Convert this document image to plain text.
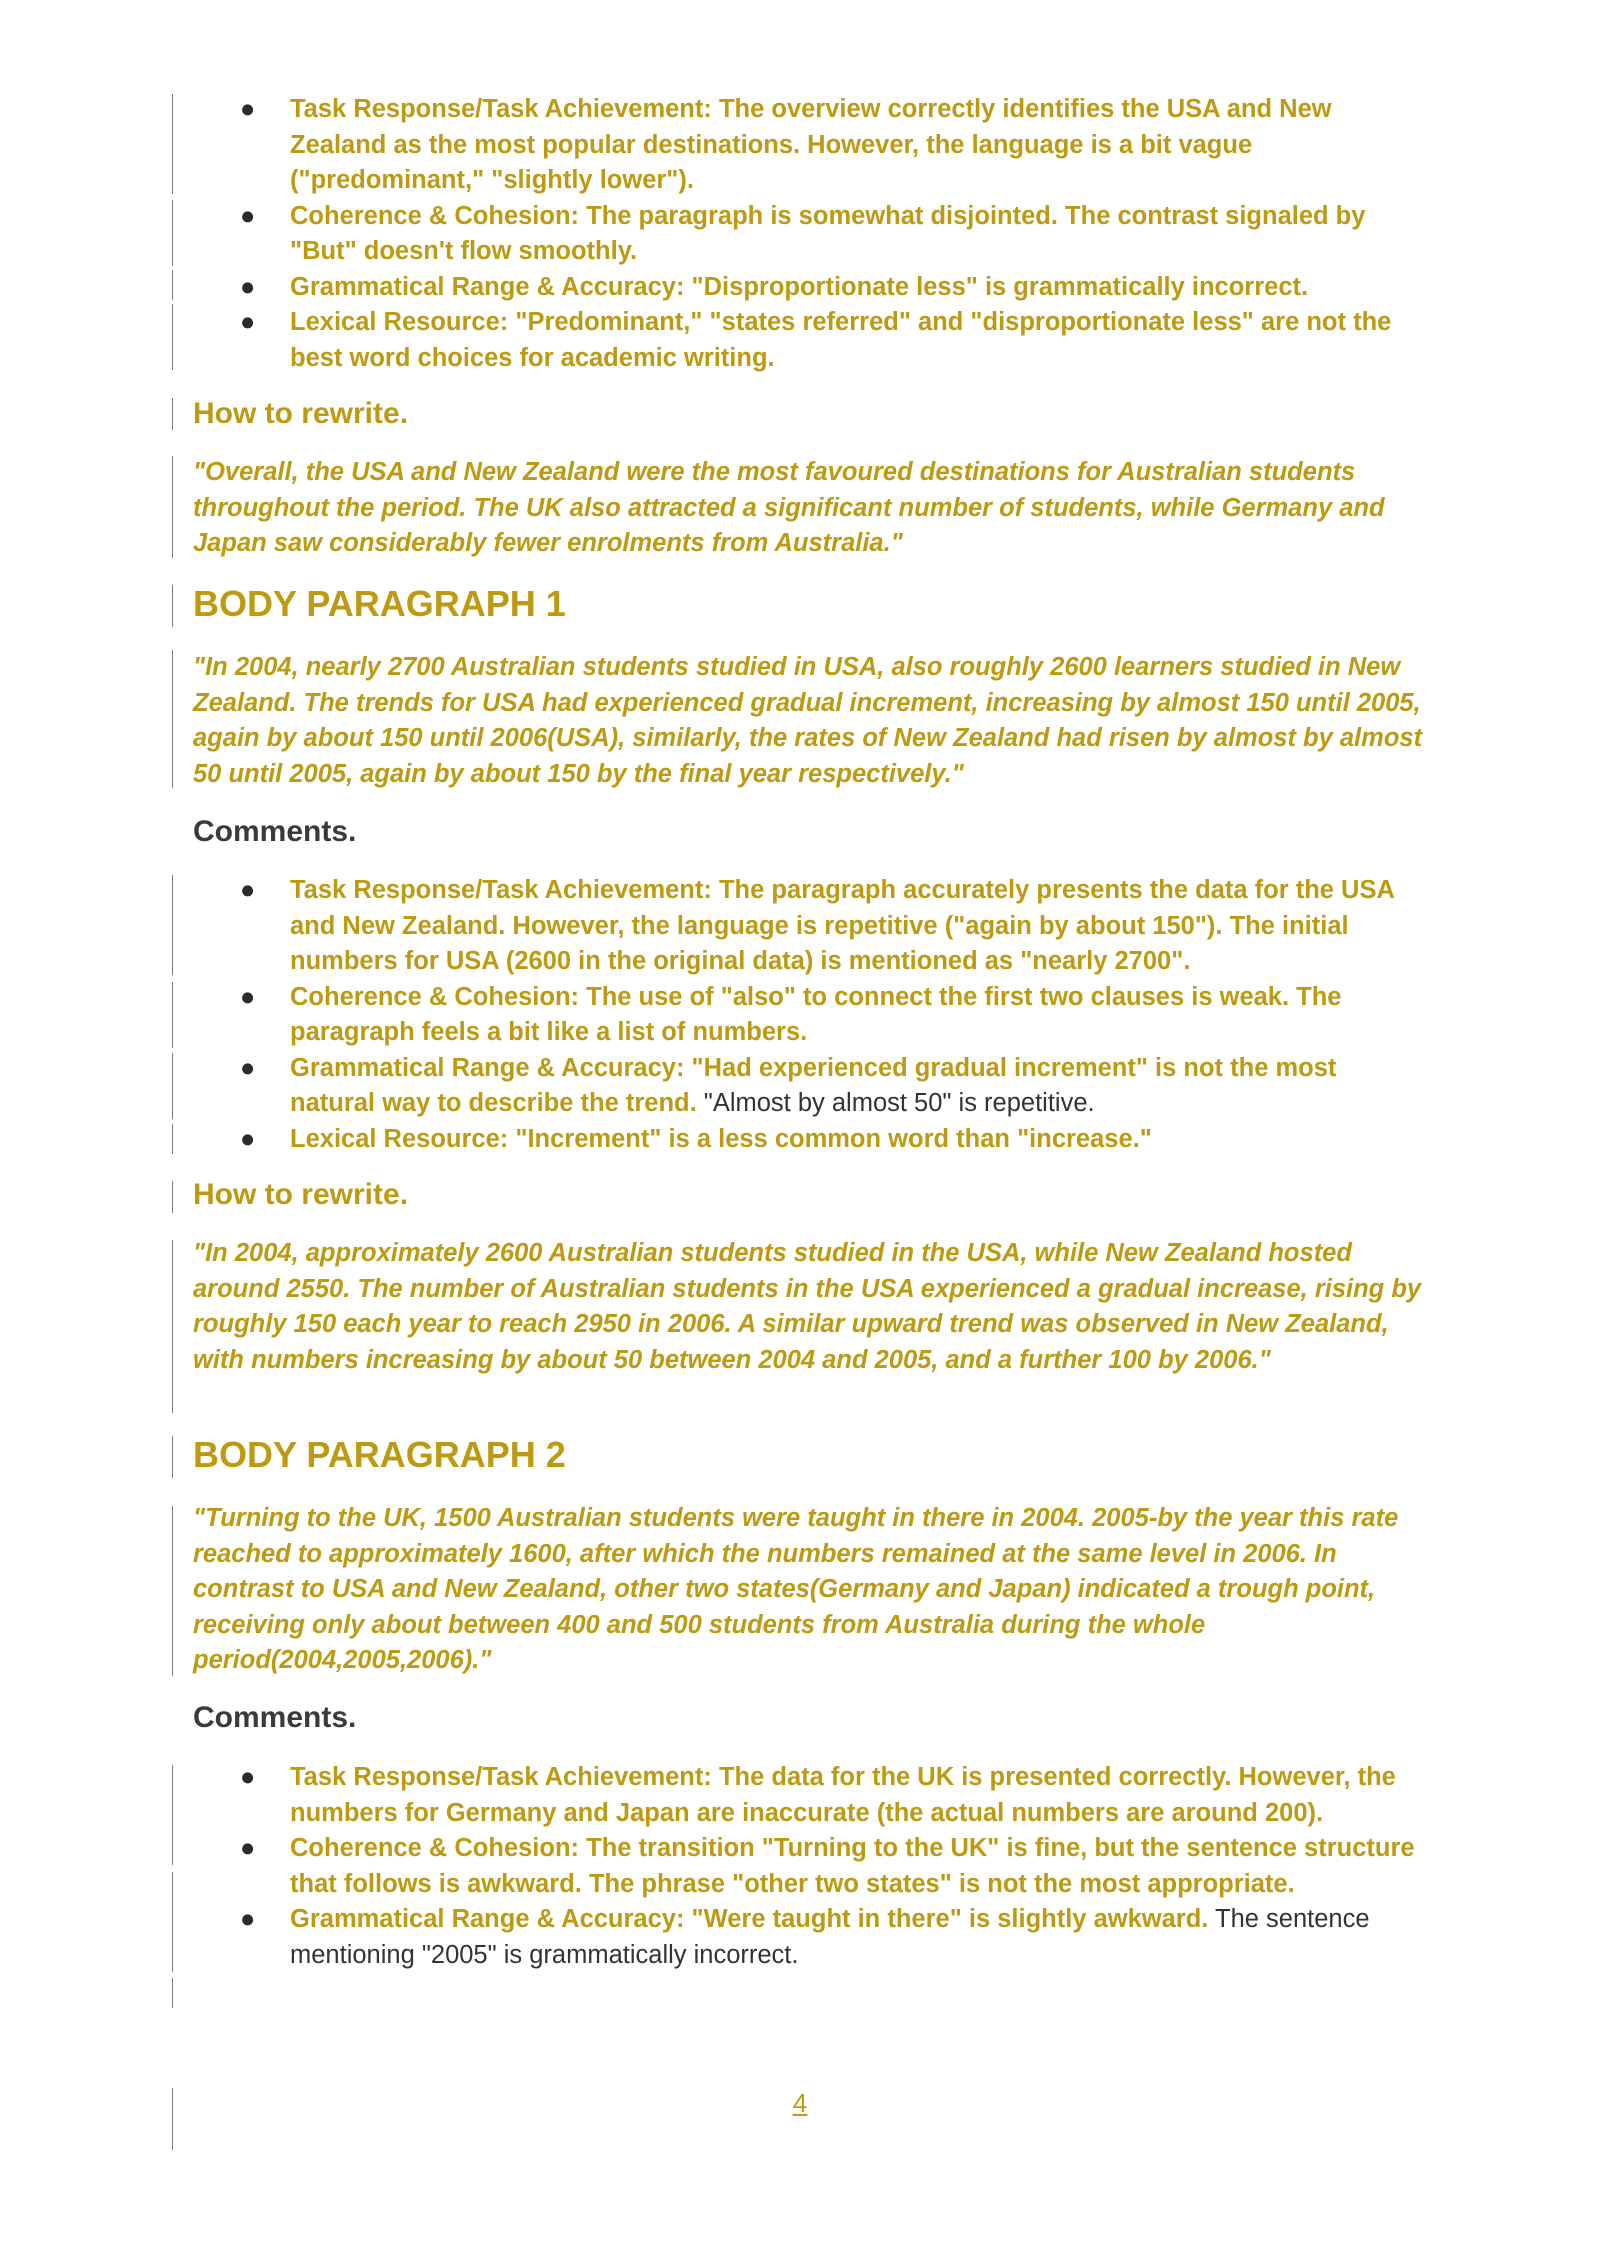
●	Task Response/Task Achievement: The overview correctly identifies the USA and New Zealand as the most popular destinations. However, the language is a bit vague ("predominant," "slightly lower").
●	Coherence & Cohesion: The paragraph is somewhat disjointed. The contrast signaled by "But" doesn't flow smoothly.
●	Grammatical Range & Accuracy: "Disproportionate less" is grammatically incorrect.
●	Lexical Resource: "Predominant," "states referred" and "disproportionate less" are not the best word choices for academic writing.
How to rewrite.
"Overall, the USA and New Zealand were the most favoured destinations for Australian students throughout the period. The UK also attracted a significant number of students, while Germany and Japan saw considerably fewer enrolments from Australia."
BODY PARAGRAPH 1
"In 2004, nearly 2700 Australian students studied in USA, also roughly 2600 learners studied in New Zealand. The trends for USA had experienced gradual increment, increasing by almost 150 until 2005, again by about 150 until 2006(USA), similarly, the rates of New Zealand had risen by almost by almost 50 until 2005, again by about 150 by the final year respectively."
Comments.
●	Task Response/Task Achievement: The paragraph accurately presents the data for the USA and New Zealand. However, the language is repetitive ("again by about 150"). The initial numbers for USA (2600 in the original data) is mentioned as "nearly 2700".
●	Coherence & Cohesion: The use of "also" to connect the first two clauses is weak. The paragraph feels a bit like a list of numbers.
●	Grammatical Range & Accuracy: "Had experienced gradual increment" is not the most natural way to describe the trend. "Almost by almost 50" is repetitive.
●	Lexical Resource: "Increment" is a less common word than "increase."
How to rewrite.
"In 2004, approximately 2600 Australian students studied in the USA, while New Zealand hosted around 2550. The number of Australian students in the USA experienced a gradual increase, rising by roughly 150 each year to reach 2950 in 2006. A similar upward trend was observed in New Zealand, with numbers increasing by about 50 between 2004 and 2005, and a further 100 by 2006."
BODY PARAGRAPH 2
"Turning to the UK, 1500 Australian students were taught in there in 2004. 2005-by the year this rate reached to approximately 1600, after which the numbers remained at the same level in 2006. In contrast to USA and New Zealand, other two states(Germany and Japan) indicated a trough point, receiving only about between 400 and 500 students from Australia during the whole period(2004,2005,2006)."
Comments.
●	Task Response/Task Achievement: The data for the UK is presented correctly. However, the numbers for Germany and Japan are inaccurate (the actual numbers are around 200).
●	Coherence & Cohesion: The transition "Turning to the UK" is fine, but the sentence structure that follows is awkward. The phrase "other two states" is not the most appropriate.
●	Grammatical Range & Accuracy: "Were taught in there" is slightly awkward. The sentence mentioning "2005" is grammatically incorrect.
4
